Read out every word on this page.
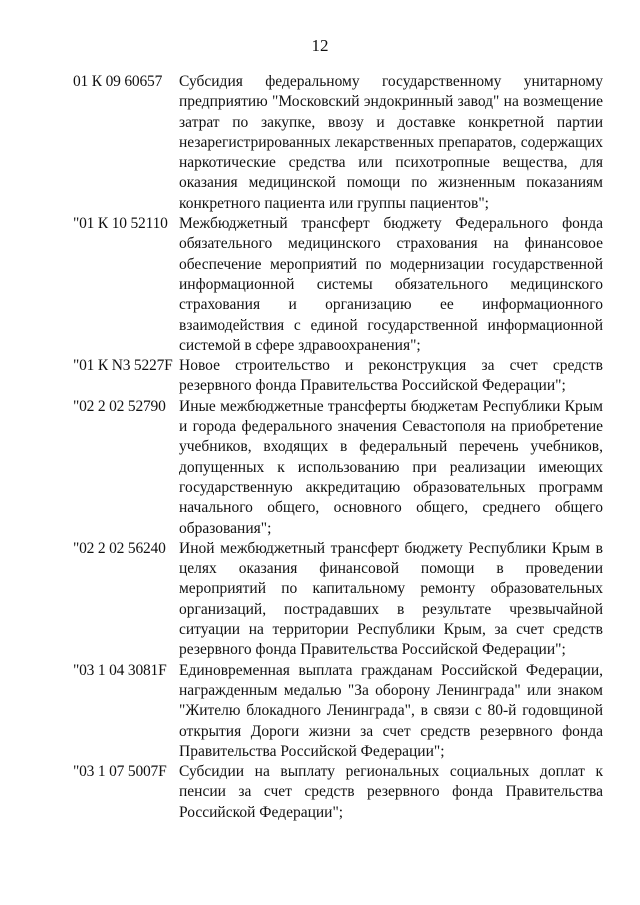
12
01 К 09 60657	Субсидия федеральному государственному унитарному предприятию "Московский эндокринный завод" на возмещение затрат по закупке, ввозу и доставке конкретной партии незарегистрированных лекарственных препаратов, содержащих наркотические средства или психотропные вещества, для оказания медицинской помощи по жизненным показаниям конкретного пациента или группы пациентов";
"01 К 10 52110 Межбюджетный трансферт бюджету Федерального фонда обязательного медицинского страхования на финансовое обеспечение мероприятий по модернизации государственной информационной системы обязательного медицинского страхования и организацию ее информационного взаимодействия с единой государственной информационной системой в сфере здравоохранения";
"01 К N3 5227F Новое строительство и реконструкция за счет средств резервного фонда Правительства Российской Федерации";
"02 2 02 52790 Иные межбюджетные трансферты бюджетам Республики Крым и города федерального значения Севастополя на приобретение учебников, входящих в федеральный перечень учебников, допущенных к использованию при реализации имеющих государственную аккредитацию образовательных программ начального общего, основного общего, среднего общего образования";
"02 2 02 56240 Иной межбюджетный трансферт бюджету Республики Крым в целях оказания финансовой помощи в проведении мероприятий по капитальному ремонту образовательных организаций, пострадавших в результате чрезвычайной ситуации на территории Республики Крым, за счет средств резервного фонда Правительства Российской Федерации";
"03 1 04 3081F Единовременная выплата гражданам Российской Федерации, награжденным медалью "За оборону Ленинграда" или знаком "Жителю блокадного Ленинграда", в связи с 80-й годовщиной открытия Дороги жизни за счет средств резервного фонда Правительства Российской Федерации";
"03 1 07 5007F Субсидии на выплату региональных социальных доплат к пенсии за счет средств резервного фонда Правительства Российской Федерации";
